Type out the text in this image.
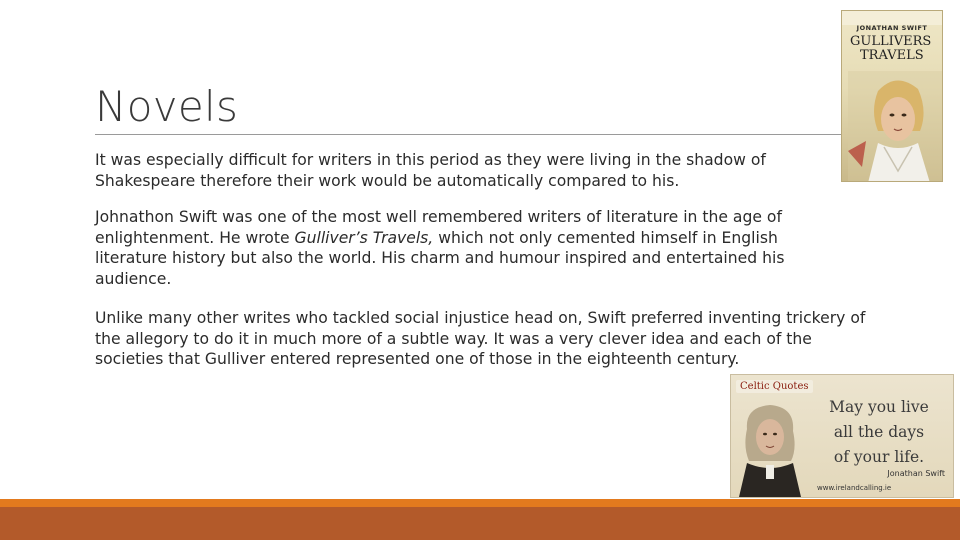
Novels

It was especially difficult for writers in this period as they were living in the shadow of Shakespeare therefore their work would be automatically compared to his.

Johnathon Swift was one of the most well remembered writers of literature in the age of enlightenment. He wrote Gulliver’s Travels, which not only cemented himself in English literature history but also the world. His charm and humour inspired and entertained his audience.

Unlike many other writes who tackled social injustice head on, Swift preferred inventing trickery of the allegory to do it in much more of a subtle way. It was a very clever idea and each of the societies that Gulliver entered represented one of those in the eighteenth century.

JONATHAN SWIFT
GULLIVERS
TRAVELS
Celtic Quotes
May you live
all the days
of your life.
Jonathan Swift
www.irelandcalling.ie
